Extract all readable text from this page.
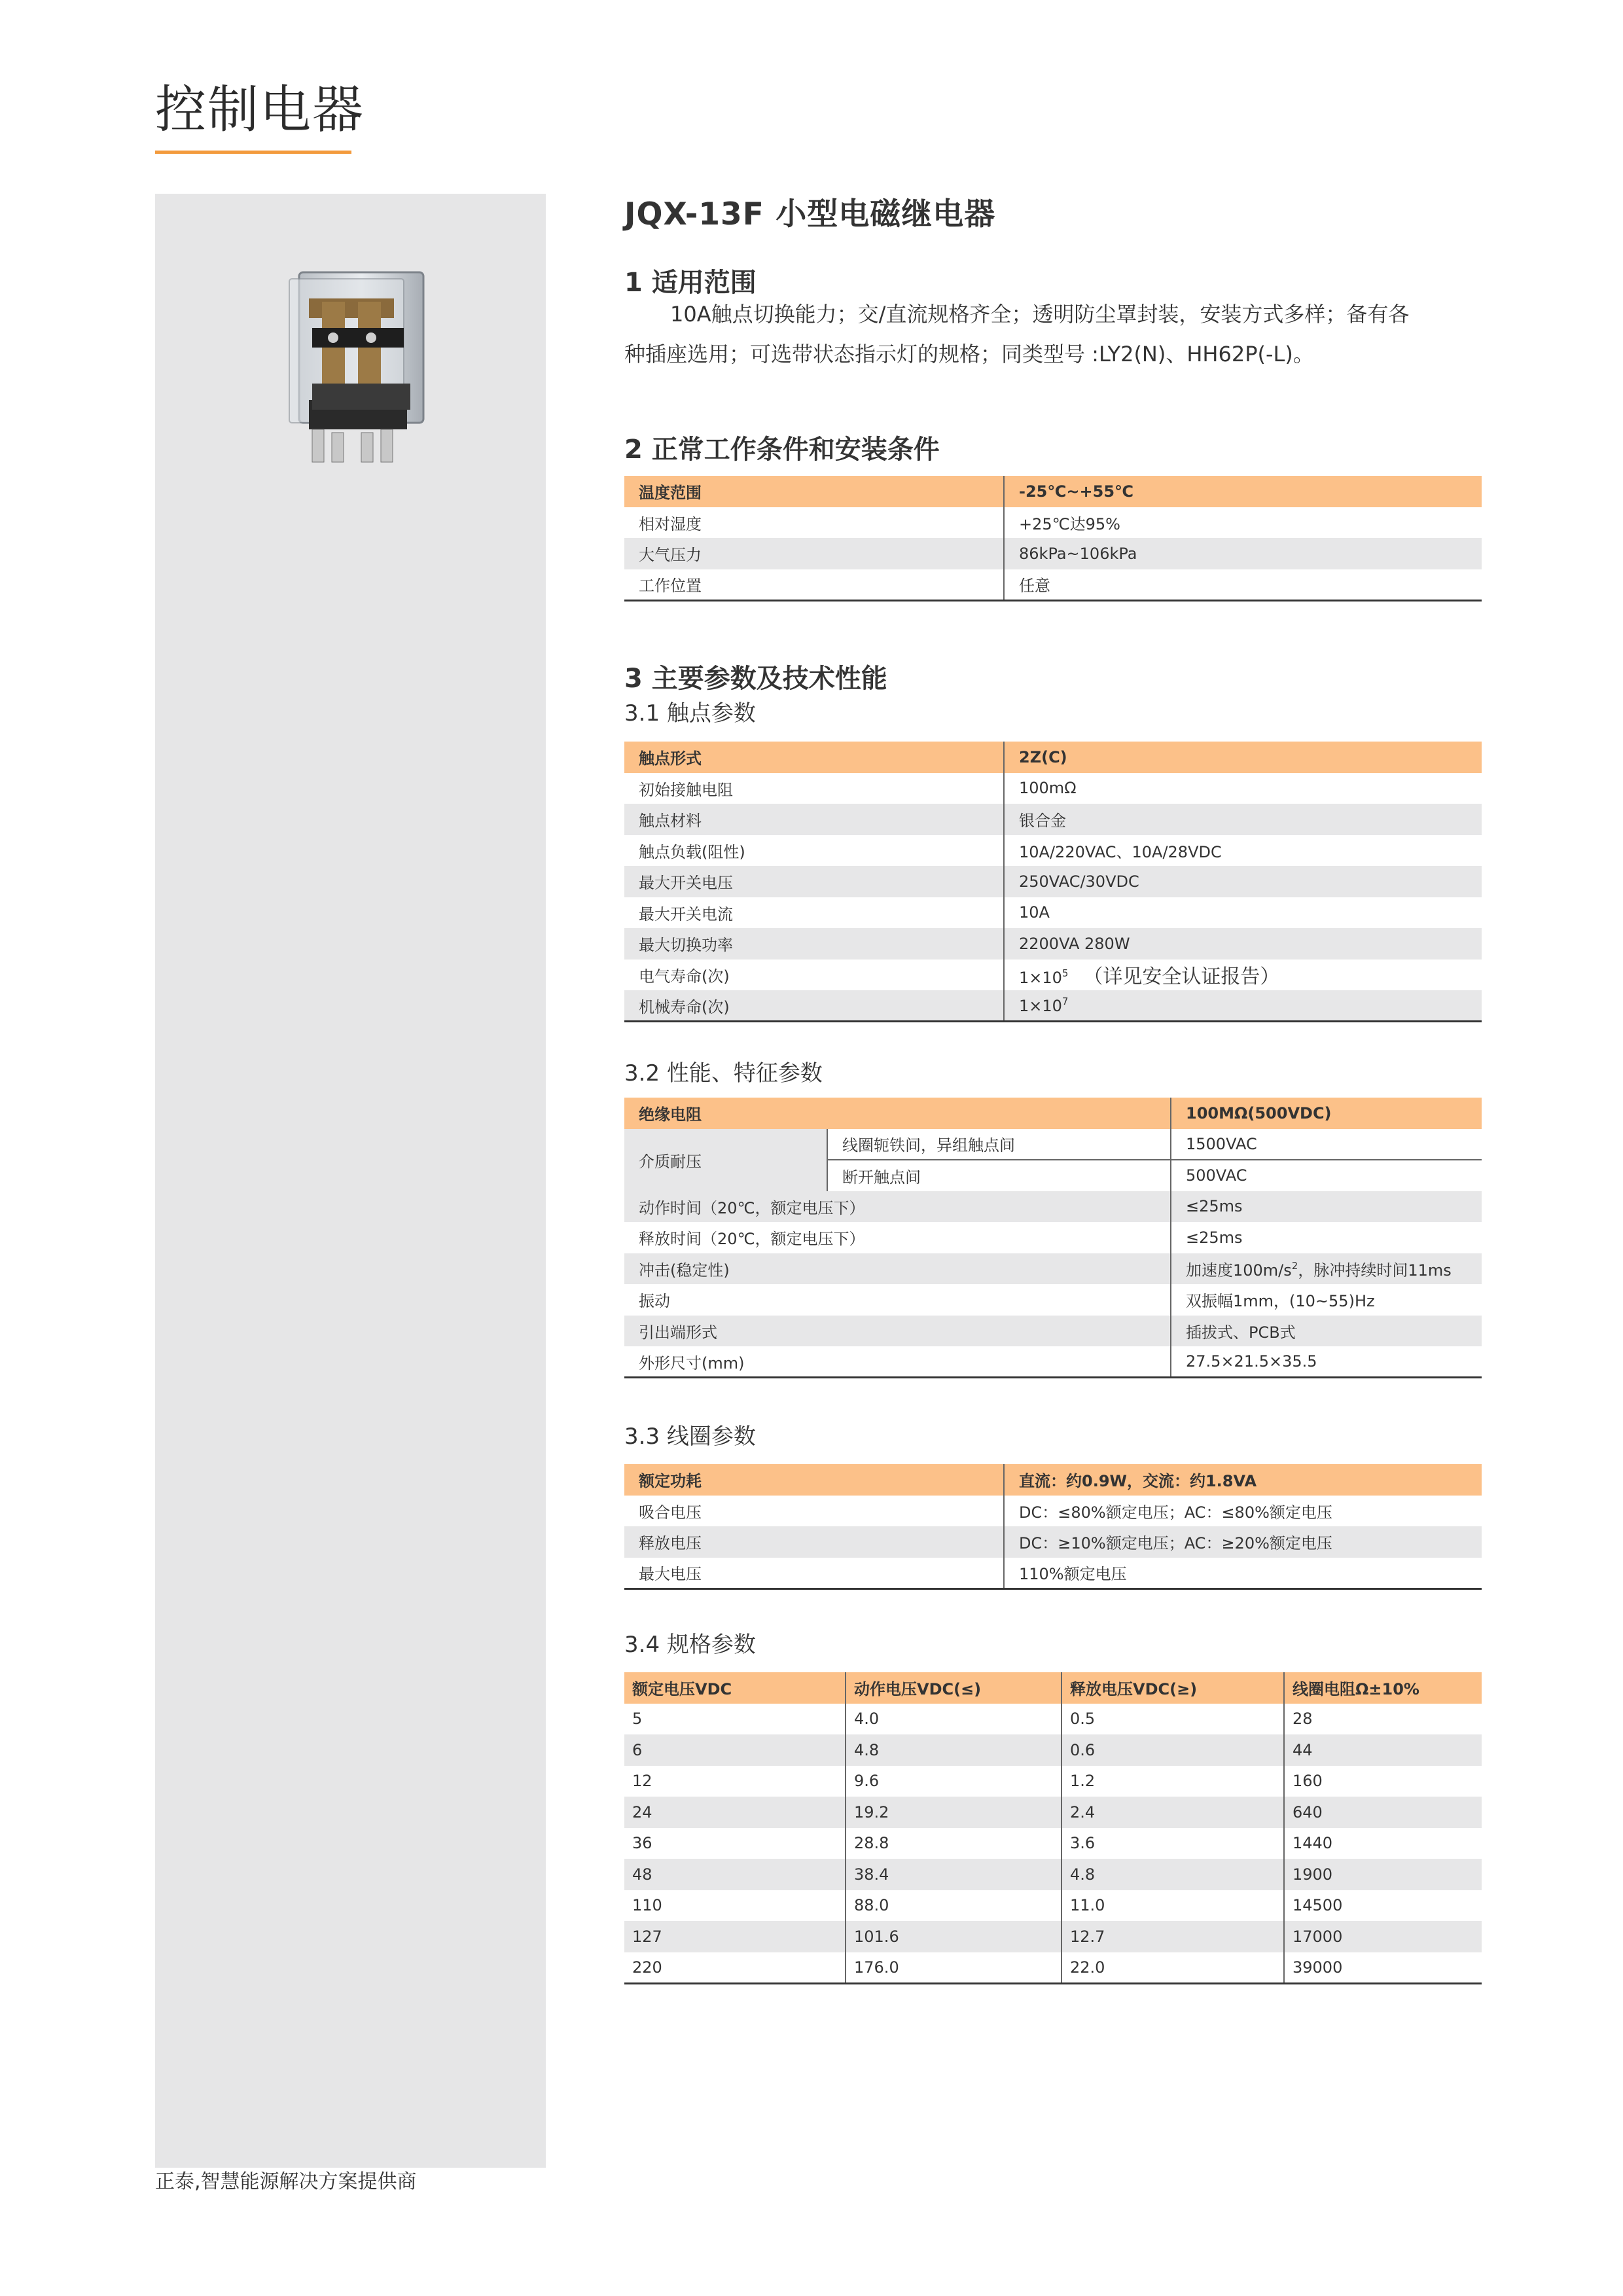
控制电器
JQX-13F 小型电磁继电器
1 适用范围
10A触点切换能力；交/直流规格齐全；透明防尘罩封装，安装方式多样；备有各
种插座选用；可选带状态指示灯的规格；同类型号 :LY2(N)、HH62P(-L)。
2 正常工作条件和安装条件
温度范围	-25℃~+55℃
相对湿度	+25℃达95%
大气压力	86kPa~106kPa
工作位置	任意
3 主要参数及技术性能
3.1 触点参数
触点形式	2Z(C)
初始接触电阻	100mΩ
触点材料	银合金
触点负载(阻性)	10A/220VAC、10A/28VDC
最大开关电压	250VAC/30VDC
最大开关电流	10A
最大切换功率	2200VA 280W
电气寿命(次)	$1\times 10^5$ （详见安全认证报告）
机械寿命(次)	$1\times 10^7$
3.2 性能、特征参数
绝缘电阻		100MΩ(500VDC)
介质耐压	线圈轭铁间，异组触点间	1500VAC
	断开触点间	500VAC
动作时间（20℃，额定电压下）		≤25ms
释放时间（20℃，额定电压下）		≤25ms
冲击(稳定性)		加速度$100m/s^2$，脉冲持续时间11ms
振动		双振幅1mm，(10~55)Hz
引出端形式		插拔式、PCB式
外形尺寸(mm)		27.5×21.5×35.5
3.3 线圈参数
额定功耗	直流：约0.9W，交流：约1.8VA
吸合电压	DC：≤80%额定电压；AC：≤80%额定电压
释放电压	DC：≥10%额定电压；AC：≥20%额定电压
最大电压	110%额定电压
3.4 规格参数
额定电压VDC	动作电压VDC(≤)	释放电压VDC(≥)	线圈电阻Ω±10%
5	4.0	0.5	28
6	4.8	0.6	44
12	9.6	1.2	160
24	19.2	2.4	640
36	28.8	3.6	1440
48	38.4	4.8	1900
110	88.0	11.0	14500
127	101.6	12.7	17000
220	176.0	22.0	39000
正泰,智慧能源解决方案提供商
